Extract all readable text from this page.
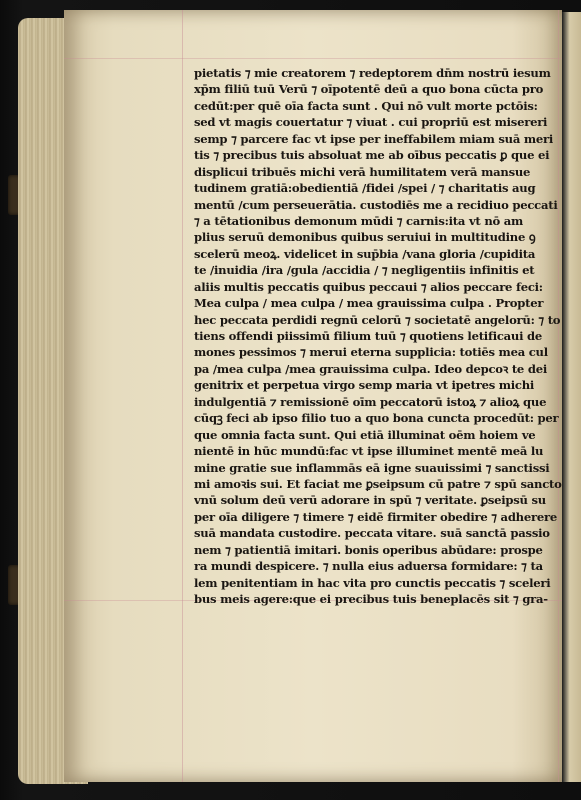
pietatis ⁊ mie creatorem ⁊ redeptorem dn̄m nostrū iesum
xp̄m filiū tuū Verū ⁊ oīpotentē deū a quo bona cūcta pro
cedūt:per quē oīa facta sunt . Qui nō vult morte pctōis:
sed vt magis couertatur ⁊ viuat . cui propriū est misereri
semp ⁊ parcere fac vt ipse per ineffabilem miam suā meri
tis ⁊ precibus tuis absoluat me ab oībus peccatis ꝑ que ei
displicui tribuēs michi verā humilitatem verā mansue
tudinem gratiā:obedientiā /fidei /spei / ⁊ charitatis aug
mentū /cum perseuerātia. custodiēs me a recidiuo peccati
⁊ a tētationibus demonum mūdi ⁊ carnis:ita vt nō am
plius seruū demonibus quibus seruiui in multitudine ꝯ
scelerū meoꝝ. videlicet in sup̄bia /vana gloria /cupidita
te /inuidia /ira /gula /accidia / ⁊ negligentiis infinitis et
aliis multis peccatis quibus peccaui ⁊ alios peccare feci:
Mea culpa / mea culpa / mea grauissima culpa . Propter
hec peccata perdidi regnū celorū ⁊ societatē angelorū: ⁊ to
tiens offendi piissimū filium tuū ⁊ quotiens letificaui de
mones pessimos ⁊ merui eterna supplicia: totiēs mea cul
pa /mea culpa /mea grauissima culpa. Ideo depcoꝛ te dei
genitrix et perpetua virgo semp maria vt ipetres michi
indulgentiā ⁊ remissionē oīm peccatorū istoꝝ ⁊ alioꝝ que
cūqꝫ feci ab ipso filio tuo a quo bona cuncta procedūt: per
que omnia facta sunt. Qui etiā illuminat oēm hoiem ve
nientē in hūc mundū:fac vt ipse illuminet mentē meā lu
mine gratie sue inflammās eā igne suauissimi ⁊ sanctissi
mi amoꝛis sui. Et faciat me ꝑseipsum cū patre ⁊ spū sancto
vnū solum deū verū adorare in spū ⁊ veritate. ꝑseipsū su
per oīa diligere ⁊ timere ⁊ eidē firmiter obedire ⁊ adherere
suā mandata custodire. peccata vitare. suā sanctā passio
nem ⁊ patientiā imitari. bonis operibus abūdare: prospe
ra mundi despicere. ⁊ nulla eius aduersa formidare: ⁊ ta
lem penitentiam in hac vita pro cunctis peccatis ⁊ sceleri
bus meis agere:que ei precibus tuis beneplacēs sit ⁊ gra-
